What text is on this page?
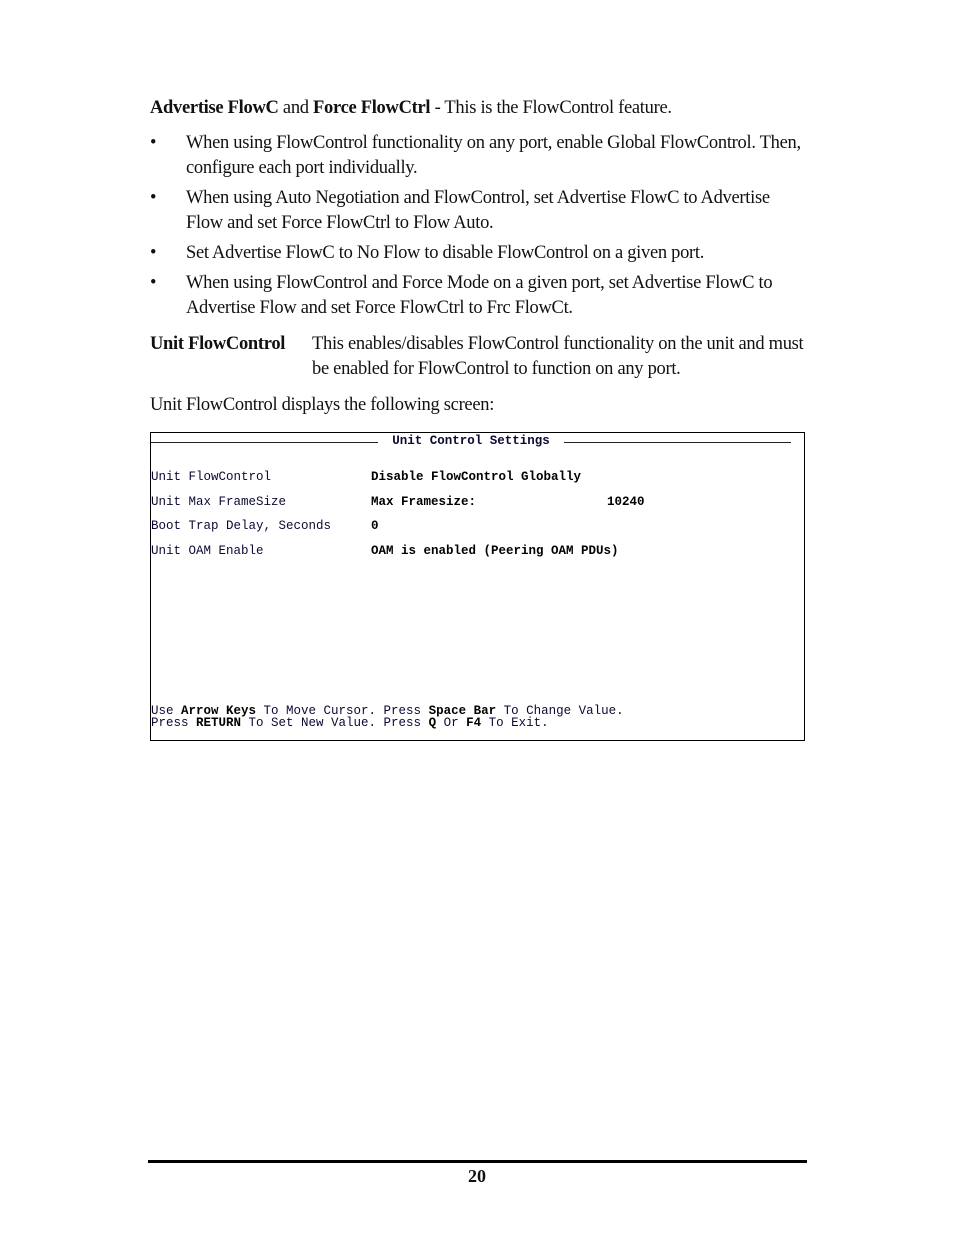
Advertise FlowC and Force FlowCtrl - This is the FlowControl feature.

•	When using FlowControl functionality on any port, enable Global FlowControl. Then, configure each port individually.
•	When using Auto Negotiation and FlowControl, set Advertise FlowC to Advertise Flow and set Force FlowCtrl to Flow Auto.
•	Set Advertise FlowC to No Flow to disable FlowControl on a given port.
•	When using FlowControl and Force Mode on a given port, set Advertise FlowC to Advertise Flow and set Force FlowCtrl to Frc FlowCt.
Unit FlowControl	This enables/disables FlowControl functionality on the unit and must be enabled for FlowControl to function on any port.

Unit FlowControl displays the following screen:

Unit Control Settings
Unit FlowControl	Disable FlowControl Globally
Unit Max FrameSize	Max Framesize:	10240
Boot Trap Delay, Seconds	0
Unit OAM Enable	OAM is enabled (Peering OAM PDUs)
Use Arrow Keys To Move Cursor. Press Space Bar To Change Value.
Press RETURN To Set New Value. Press Q Or F4 To Exit.
20
